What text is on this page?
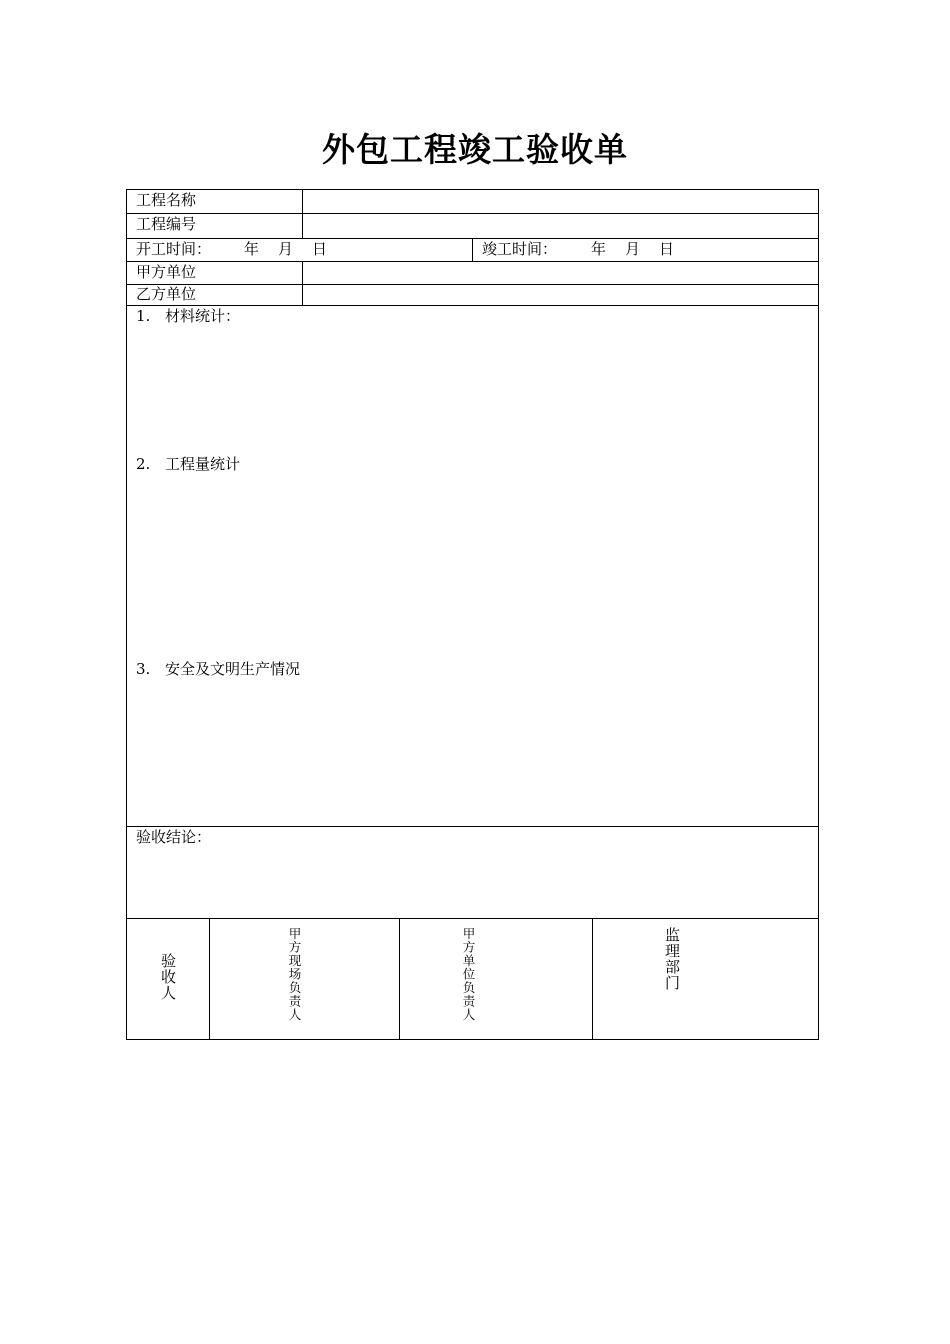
外包工程竣工验收单
工程名称
工程编号
开工时间： 年 月 日	竣工时间： 年 月 日
甲方单位
乙方单位
1. 材料统计：
2. 工程量统计
3. 安全及文明生产情况
验收结论：
验收人	甲方现场负责人	甲方单位负责人	监理部门
